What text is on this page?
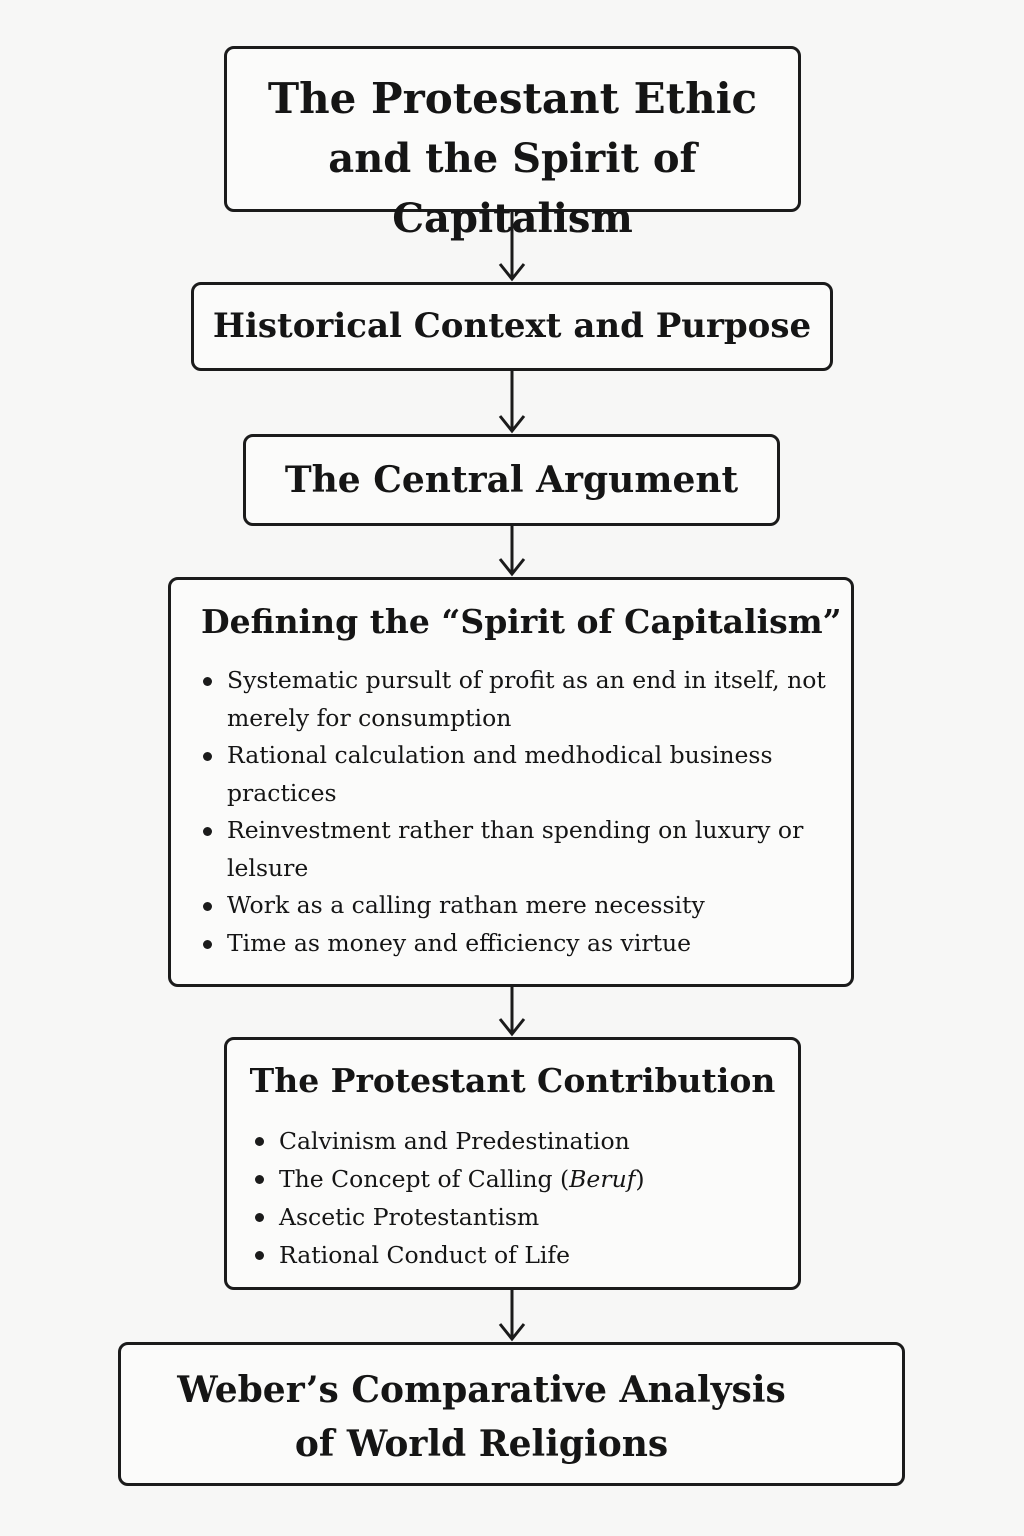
The Protestant Ethic
and the Spirit of Capitalism
Historical Context and Purpose
The Central Argument
Defining the “Spirit of Capitalism”
Systematic pursult of profit as an end in itself, not merely for consumption
Rational calculation and medhodical business practices
Reinvestment rather than spending on luxury or lelsure
Work as a calling rathan mere necessity
Time as money and efficiency as virtue
The Protestant Contribution
Calvinism and Predestination
The Concept of Calling (Beruf)
Ascetic Protestantism
Rational Conduct of Life
Weber’s Comparative Analysis
of World Religions
